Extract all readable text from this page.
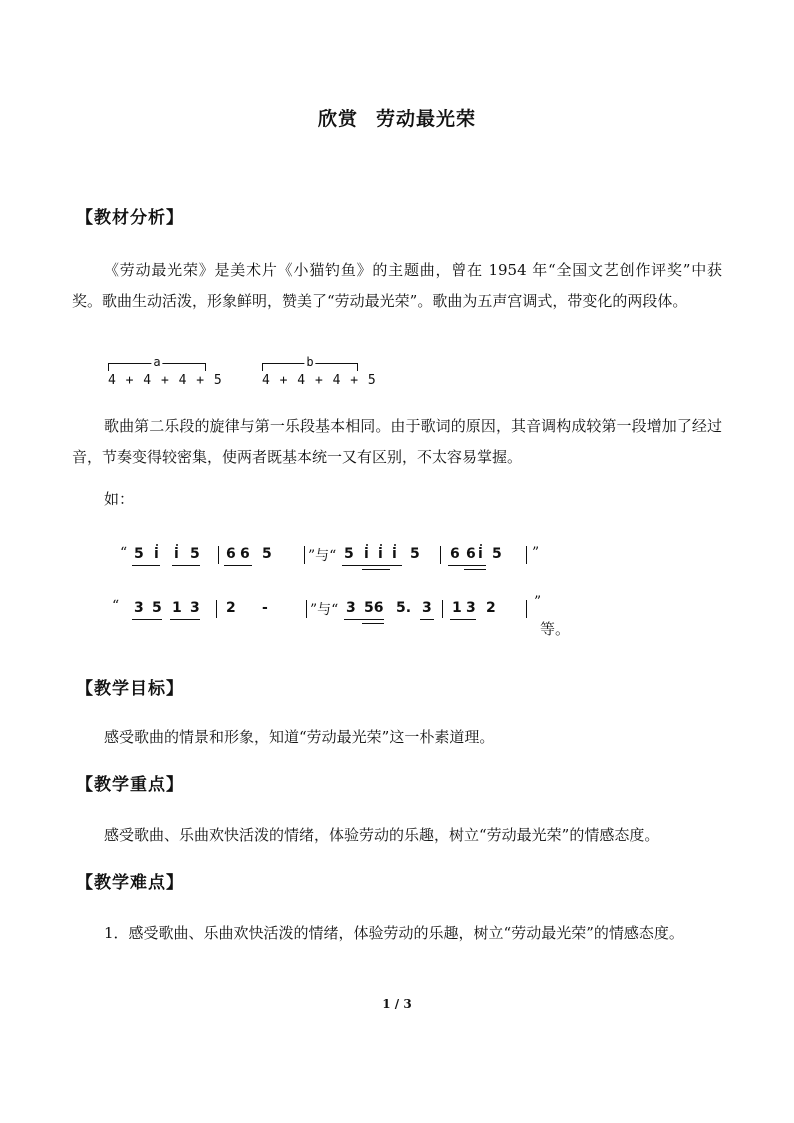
欣赏 劳动最光荣
【教材分析】
《劳动最光荣》是美术片《小猫钓鱼》的主题曲，曾在 1954 年“全国文艺创作评奖”中获奖。歌曲生动活泼，形象鲜明，赞美了“劳动最光荣”。歌曲为五声宫调式，带变化的两段体。
a
4 + 4 + 4 + 5
b
4 + 4 + 4 + 5
歌曲第二乐段的旋律与第一乐段基本相同。由于歌词的原因，其音调构成较第一段增加了经过音，节奏变得较密集，使两者既基本统一又有区别，不太容易掌握。
如：
“ 5 i i 5 6 6 5	”与“ 5 i i i 5 6 6 i 5 ”
“ 3 5 1 3 2 -	”与“ 3 56 5. 3 1 3 2	”
等。
【教学目标】
感受歌曲的情景和形象，知道“劳动最光荣”这一朴素道理。
【教学重点】
感受歌曲、乐曲欢快活泼的情绪，体验劳动的乐趣，树立“劳动最光荣”的情感态度。
【教学难点】
1．感受歌曲、乐曲欢快活泼的情绪，体验劳动的乐趣，树立“劳动最光荣”的情感态度。
1 / 3
